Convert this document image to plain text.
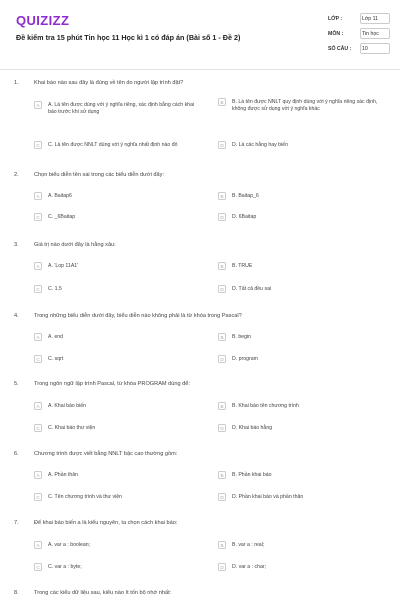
QUIZIZZ
Đề kiểm tra 15 phút Tin học 11 Học kì 1 có đáp án (Bài số 1 - Đề 2)
LỚP :	Lớp 11
MÔN :	Tin học
SỐ CÂU : 10
1.	Khai báo nào sau đây là đúng về tên do người lập trình đặt?
A	A. Là tên được dùng với ý nghĩa riêng, xác định bằng cách khai báo trước khi sử dụng
B	B. Là tên được NNLT quy định dùng với ý nghĩa riêng xác định, không được sử dụng với ý nghĩa khác
C	C. Là tên được NNLT dùng với ý nghĩa nhất định nào đó	D	D. Là các hằng hay biến
2.	Chọn biểu diễn tên sai trong các biểu diễn dưới đây:
A	A. Baitap6	B	B. Baitap_6
C	C. _6Baitap	D	D. 6Baitap
3.	Giá trị nào dưới đây là hằng xâu:
A	A. 'Lop 11A1'	B	B. TRUE
C	C. 1.5	D	D. Tất cả đều sai
4.	Trong những biểu diễn dưới đây, biểu diễn nào không phải là từ khóa trong Pascal?
A	A. end	B	B. begin
C	C. sqrt	D	D. program
5.	Trong ngôn ngữ lập trình Pascal, từ khóa PROGRAM dùng để:
A	A. Khai báo biến	B	B. Khai báo tên chương trình
C	C. Khai báo thư viện	D	D. Khai báo hằng
6.	Chương trình được viết bằng NNLT bậc cao thường gồm:
A	A. Phần thân	B	B. Phần khai báo
C	C. Tên chương trình và thư viện	D	D. Phần khai báo và phần thân
7.	Để khai báo biến a là kiểu nguyên, ta chọn cách khai báo:
A	A. var a : boolean;	B	B. var a : real;
C	C. var a : byte;	D	D. var a : char;
8.	Trong các kiểu dữ liệu sau, kiểu nào ít tốn bộ nhớ nhất:
